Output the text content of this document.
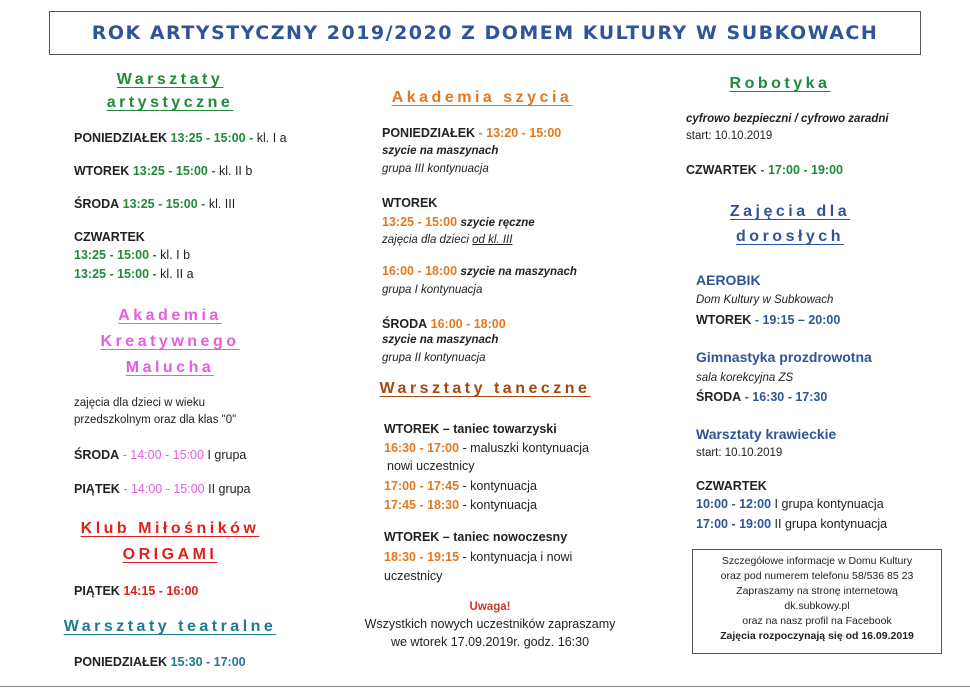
ROK ARTYSTYCZNY 2019/2020 Z DOMEM KULTURY W SUBKOWACH
Warsztaty
artystyczne
PONIEDZIAŁEK 13:25 - 15:00 - kl. I a
WTOREK 13:25 - 15:00 - kl. II b
ŚRODA 13:25 - 15:00 - kl. III
CZWARTEK
13:25 - 15:00 - kl. I b
13:25 - 15:00 - kl. II a
Akademia
Kreatywnego
Malucha
zajęcia dla dzieci w wieku
przedszkolnym oraz dla klas "0"
ŚRODA - 14:00 - 15:00 I grupa
PIĄTEK - 14:00 - 15:00 II grupa
Klub Miłośników
ORIGAMI
PIĄTEK 14:15 - 16:00
Warsztaty teatralne
PONIEDZIAŁEK 15:30 - 17:00
Akademia szycia
PONIEDZIAŁEK - 13:20 - 15:00
szycie na maszynach
grupa III kontynuacja
WTOREK
13:25 - 15:00 szycie ręczne
zajęcia dla dzieci od kl. III
16:00 - 18:00 szycie na maszynach
grupa I kontynuacja
ŚRODA 16:00 - 18:00
szycie na maszynach
grupa II kontynuacja
Warsztaty taneczne
WTOREK – taniec towarzyski
16:30 - 17:00 - maluszki kontynuacja
nowi uczestnicy
17:00 - 17:45 - kontynuacja
17:45 - 18:30 - kontynuacja
WTOREK – taniec nowoczesny
18:30 - 19:15 - kontynuacja i nowi
uczestnicy
Uwaga!
Wszystkich nowych uczestników zapraszamy
we wtorek 17.09.2019r. godz. 16:30
Robotyka
cyfrowo bezpieczni / cyfrowo zaradni
start: 10.10.2019
CZWARTEK - 17:00 - 19:00
Zajęcia dla
dorosłych
AEROBIK
Dom Kultury w Subkowach
WTOREK - 19:15 – 20:00
Gimnastyka prozdrowotna
sala korekcyjna ZS
ŚRODA - 16:30 - 17:30
Warsztaty krawieckie
start: 10.10.2019
CZWARTEK
10:00 - 12:00 I grupa kontynuacja
17:00 - 19:00 II grupa kontynuacja
Szczegółowe informacje w Domu Kultury
oraz pod numerem telefonu 58/536 85 23
Zapraszamy na stronę internetową
dk.subkowy.pl
oraz na nasz profil na Facebook
Zajęcia rozpoczynają się od 16.09.2019
